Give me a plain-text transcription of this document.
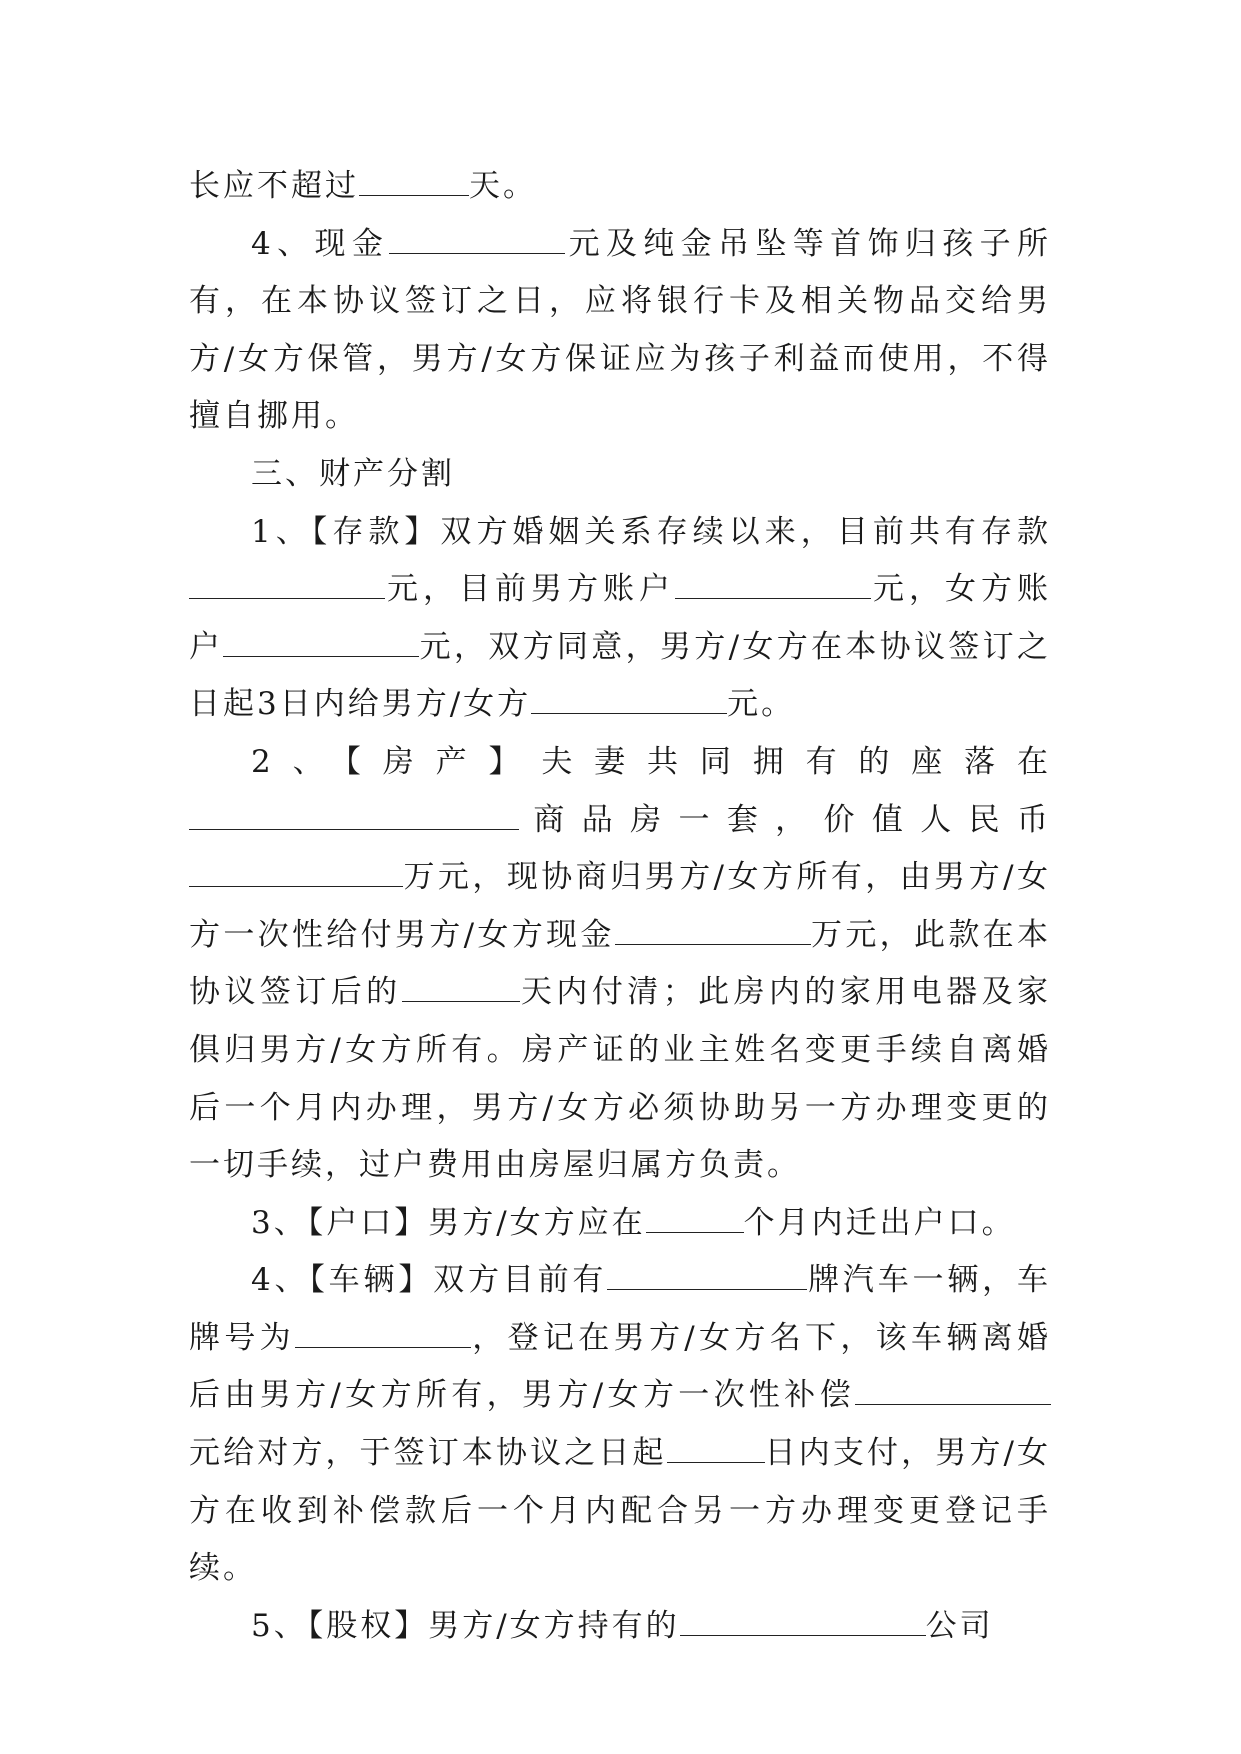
长应不超过	天。

4、现金	元及纯金吊坠等首饰归孩子所有，在本协议签订之日，应将银行卡及相关物品交给男方/女方保管，男方/女方保证应为孩子利益而使用，不得擅自挪用。

三、财产分割

1、【存款】双方婚姻关系存续以来，目前共有存款元，目前男方账户	元，女方账户	元，双方同意，男方/女方在本协议签订之日起3日内给男方/女方	元。

2、【房产】夫妻共同拥有的座落在商品房一套，价值人民币万元，现协商归男方/女方所有，由男方/女方一次性给付男方/女方现金	万元，此款在本协议签订后的	天内付清；此房内的家用电器及家俱归男方/女方所有。房产证的业主姓名变更手续自离婚后一个月内办理，男方/女方必须协助另一方办理变更的一切手续，过户费用由房屋归属方负责。

3、【户口】男方/女方应在	个月内迁出户口。

4、【车辆】双方目前有	牌汽车一辆，车牌号为	，登记在男方/女方名下，该车辆离婚后由男方/女方所有，男方/女方一次性补偿元给对方，于签订本协议之日起	日内支付，男方/女方在收到补偿款后一个月内配合另一方办理变更登记手续。

5、【股权】男方/女方持有的	公司
